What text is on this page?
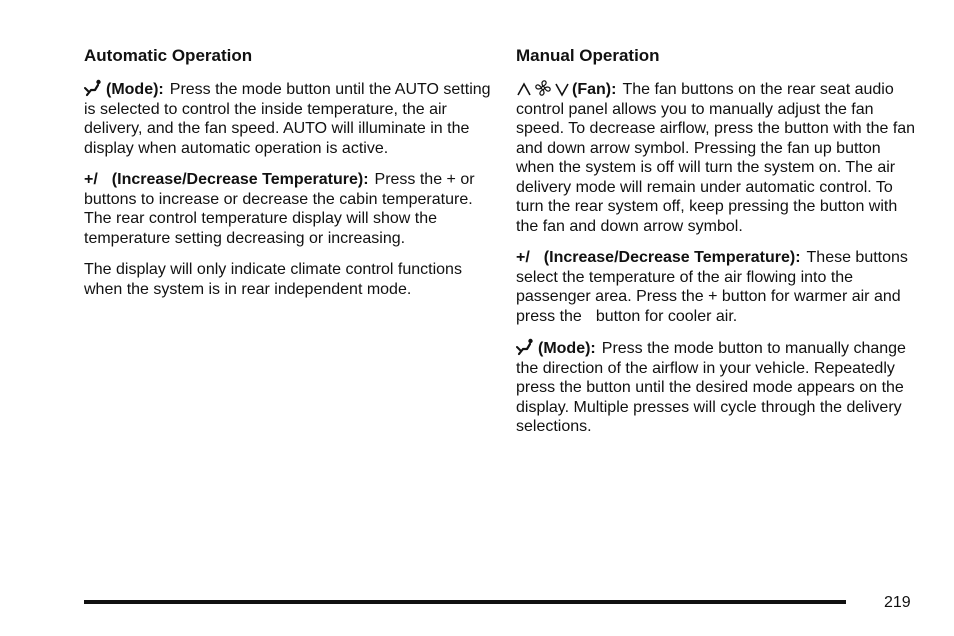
Automatic Operation
(Mode): Press the mode button until the AUTO setting is selected to control the inside temperature, the air delivery, and the fan speed. AUTO will illuminate in the display when automatic operation is active.
+/ (Increase/Decrease Temperature): Press the + orbuttons to increase or decrease the cabin temperature. The rear control temperature display will show the temperature setting decreasing or increasing.
The display will only indicate climate control functions when the system is in rear independent mode.
Manual Operation
(Fan): The fan buttons on the rear seat audio control panel allows you to manually adjust the fan speed. To decrease airflow, press the button with the fan and down arrow symbol. Pressing the fan up button when the system is off will turn the system on. The air delivery mode will remain under automatic control. To turn the rear system off, keep pressing the button with the fan and down arrow symbol.
+/ (Increase/Decrease Temperature): These buttons select the temperature of the air flowing into the passenger area. Press the + button for warmer air and press the button for cooler air.
(Mode): Press the mode button to manually change the direction of the airflow in your vehicle. Repeatedly press the button until the desired mode appears on the display. Multiple presses will cycle through the delivery selections.
219
